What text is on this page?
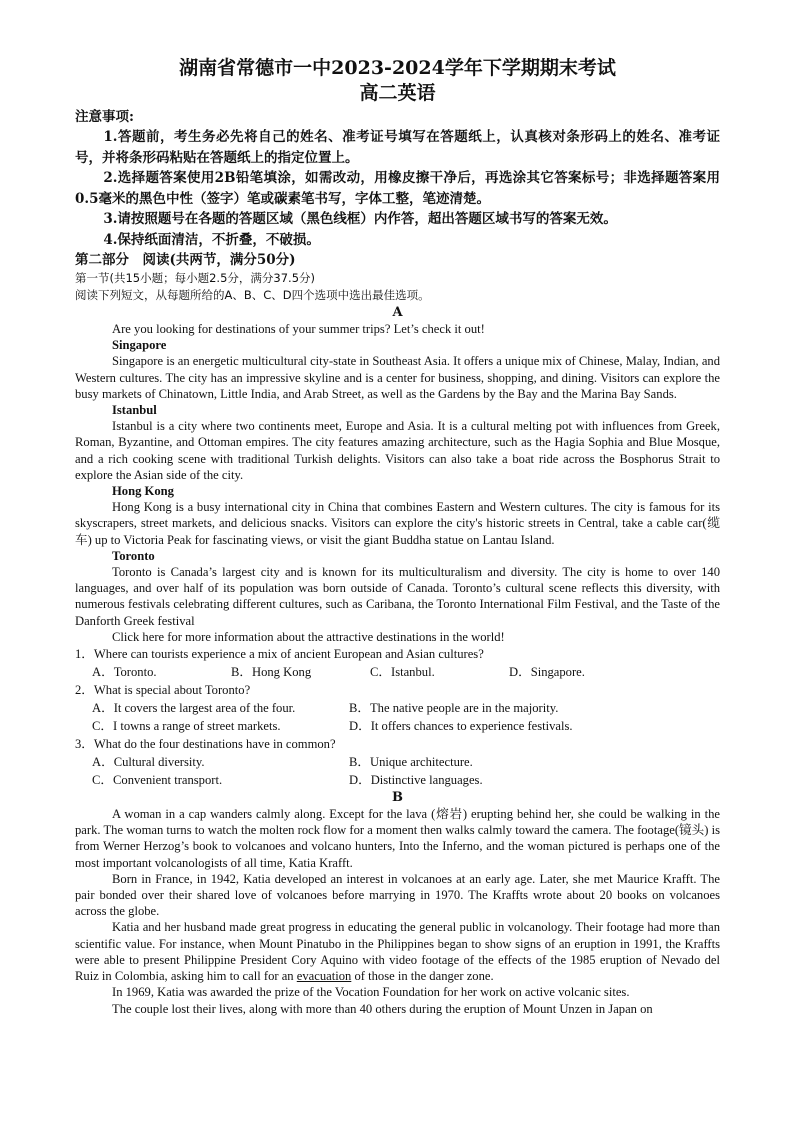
湖南省常德市一中2023-2024学年下学期期末考试
高二英语
注意事项:

1.答题前，考生务必先将自己的姓名、准考证号填写在答题纸上，认真核对条形码上的姓名、准考证号，并将条形码粘贴在答题纸上的指定位置上。

2.选择题答案使用2B铅笔填涂，如需改动，用橡皮擦干净后，再选涂其它答案标号；非选择题答案用0.5毫米的黑色中性（签字）笔或碳素笔书写，字体工整，笔迹清楚。

3.请按照题号在各题的答题区域（黑色线框）内作答，超出答题区域书写的答案无效。

4.保持纸面清洁，不折叠，不破损。

第二部分　阅读(共两节，满分50分)
第一节(共15小题；每小题2.5分，满分37.5分)
阅读下列短文，从每题所给的A、B、C、D四个选项中选出最佳选项。
A

Are you looking for destinations of your summer trips? Let’s check it out!

Singapore

Singapore is an energetic multicultural city-state in Southeast Asia. It offers a unique mix of Chinese, Malay, Indian, and Western cultures. The city has an impressive skyline and is a center for business, shopping, and dining. Visitors can explore the busy markets of Chinatown, Little India, and Arab Street, as well as the Gardens by the Bay and the Marina Bay Sands.

Istanbul

Istanbul is a city where two continents meet, Europe and Asia. It is a cultural melting pot with influences from Greek, Roman, Byzantine, and Ottoman empires. The city features amazing architecture, such as the Hagia Sophia and Blue Mosque, and a rich cooking scene with traditional Turkish delights. Visitors can also take a boat ride across the Bosphorus Strait to explore the Asian side of the city.

Hong Kong

Hong Kong is a busy international city in China that combines Eastern and Western cultures. The city is famous for its skyscrapers, street markets, and delicious snacks. Visitors can explore the city's historic streets in Central, take a cable car(缆车) up to Victoria Peak for fascinating views, or visit the giant Buddha statue on Lantau Island.

Toronto

Toronto is Canada’s largest city and is known for its multiculturalism and diversity. The city is home to over 140 languages, and over half of its population was born outside of Canada. Toronto’s cultural scene reflects this diversity, with numerous festivals celebrating different cultures, such as Caribana, the Toronto International Film Festival, and the Taste of the Danforth Greek festival

Click here for more information about the attractive destinations in the world!

1．Where can tourists experience a mix of ancient European and Asian cultures?
A．Toronto.	B．Hong Kong	C．Istanbul.	D．Singapore.
2．What is special about Toronto?
A．It covers the largest area of the four.	B．The native people are in the majority.
C．I towns a range of street markets.	D．It offers chances to experience festivals.
3．What do the four destinations have in common?
A．Cultural diversity.	B．Unique architecture.
C．Convenient transport.	D．Distinctive languages.
B

A woman in a cap wanders calmly along. Except for the lava (熔岩) erupting behind her, she could be walking in the park. The woman turns to watch the molten rock flow for a moment then walks calmly toward the camera. The footage(镜头) is from Werner Herzog’s book to volcanoes and volcano hunters, Into the Inferno, and the woman pictured is perhaps one of the most important volcanologists of all time, Katia Krafft.

Born in France, in 1942, Katia developed an interest in volcanoes at an early age. Later, she met Maurice Krafft. The pair bonded over their shared love of volcanoes before marrying in 1970. The Kraffts wrote about 20 books on volcanoes across the globe.

Katia and her husband made great progress in educating the general public in volcanology. Their footage had more than scientific value. For instance, when Mount Pinatubo in the Philippines began to show signs of an eruption in 1991, the Kraffts were able to present Philippine President Cory Aquino with video footage of the effects of the 1985 eruption of Nevado del Ruiz in Colombia, asking him to call for an evacuation of those in the danger zone.

In 1969, Katia was awarded the prize of the Vocation Foundation for her work on active volcanic sites.

The couple lost their lives, along with more than 40 others during the eruption of Mount Unzen in Japan on
